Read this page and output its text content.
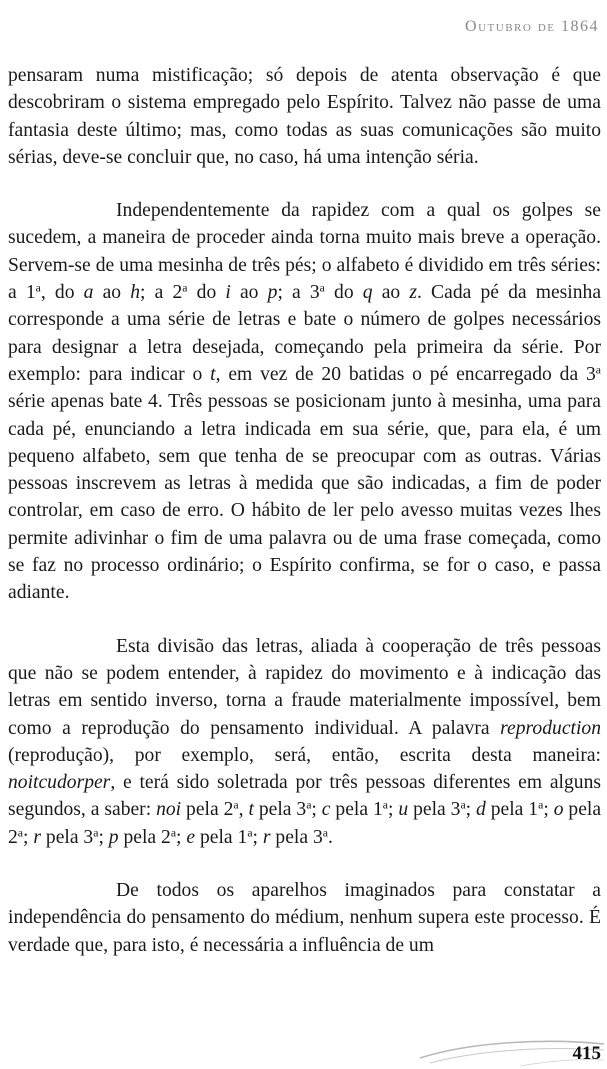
Outubro de 1864

pensaram numa mistificação; só depois de atenta observação é que descobriram o sistema empregado pelo Espírito. Talvez não passe de uma fantasia deste último; mas, como todas as suas comunicações são muito sérias, deve-se concluir que, no caso, há uma intenção séria.

Independentemente da rapidez com a qual os golpes se sucedem, a maneira de proceder ainda torna muito mais breve a operação. Servem-se de uma mesinha de três pés; o alfabeto é dividido em três séries: a 1$^a$, do a ao h; a 2$^a$ do i ao p; a 3$^a$ do q ao z. Cada pé da mesinha corresponde a uma série de letras e bate o número de golpes necessários para designar a letra desejada, começando pela primeira da série. Por exemplo: para indicar o t, em vez de 20 batidas o pé encarregado da 3$^a$ série apenas bate 4. Três pessoas se posicionam junto à mesinha, uma para cada pé, enunciando a letra indicada em sua série, que, para ela, é um pequeno alfabeto, sem que tenha de se preocupar com as outras. Várias pessoas inscrevem as letras à medida que são indicadas, a fim de poder controlar, em caso de erro. O hábito de ler pelo avesso muitas vezes lhes permite adivinhar o fim de uma palavra ou de uma frase começada, como se faz no processo ordinário; o Espírito confirma, se for o caso, e passa adiante.

Esta divisão das letras, aliada à cooperação de três pessoas que não se podem entender, à rapidez do movimento e à indicação das letras em sentido inverso, torna a fraude materialmente impossível, bem como a reprodução do pensamento individual. A palavra reproduction (reprodução), por exemplo, será, então, escrita desta maneira: noitcudorper, e terá sido soletrada por três pessoas diferentes em alguns segundos, a saber: noi pela 2$^a$, t pela 3$^a$; c pela 1$^a$; u pela 3$^a$; d pela 1$^a$; o pela 2$^a$; r pela 3$^a$; p pela 2$^a$; e pela 1$^a$; r pela 3$^a$.

De todos os aparelhos imaginados para constatar a independência do pensamento do médium, nenhum supera este processo. É verdade que, para isto, é necessária a influência de um

415
